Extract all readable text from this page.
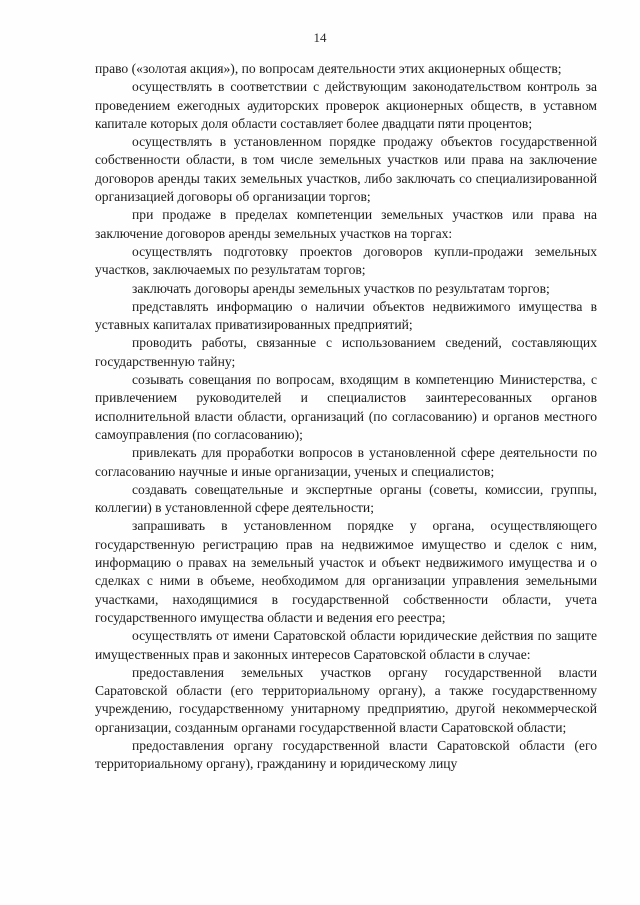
14

право («золотая акция»), по вопросам деятельности этих акционерных обществ;

осуществлять в соответствии с действующим законодательством контроль за проведением ежегодных аудиторских проверок акционерных обществ, в уставном капитале которых доля области составляет более двадцати пяти процентов;

осуществлять в установленном порядке продажу объектов государственной собственности области, в том числе земельных участков или права на заключение договоров аренды таких земельных участков, либо заключать со специализированной организацией договоры об организации торгов;

при продаже в пределах компетенции земельных участков или права на заключение договоров аренды земельных участков на торгах:

осуществлять подготовку проектов договоров купли-продажи земельных участков, заключаемых по результатам торгов;

заключать договоры аренды земельных участков по результатам торгов;

представлять информацию о наличии объектов недвижимого имущества в уставных капиталах приватизированных предприятий;

проводить работы, связанные с использованием сведений, составляющих государственную тайну;

созывать совещания по вопросам, входящим в компетенцию Министерства, с привлечением руководителей и специалистов заинтересованных органов исполнительной власти области, организаций (по согласованию) и органов местного самоуправления (по согласованию);

привлекать для проработки вопросов в установленной сфере деятельности по согласованию научные и иные организации, ученых и специалистов;

создавать совещательные и экспертные органы (советы, комиссии, группы, коллегии) в установленной сфере деятельности;

запрашивать в установленном порядке у органа, осуществляющего государственную регистрацию прав на недвижимое имущество и сделок с ним, информацию о правах на земельный участок и объект недвижимого имущества и о сделках с ними в объеме, необходимом для организации управления земельными участками, находящимися в государственной собственности области, учета государственного имущества области и ведения его реестра;

осуществлять от имени Саратовской области юридические действия по защите имущественных прав и законных интересов Саратовской области в случае:

предоставления земельных участков органу государственной власти Саратовской области (его территориальному органу), а также государственному учреждению, государственному унитарному предприятию, другой некоммерческой организации, созданным органами государственной власти Саратовской области;

предоставления органу государственной власти Саратовской области (его территориальному органу), гражданину и юридическому лицу
